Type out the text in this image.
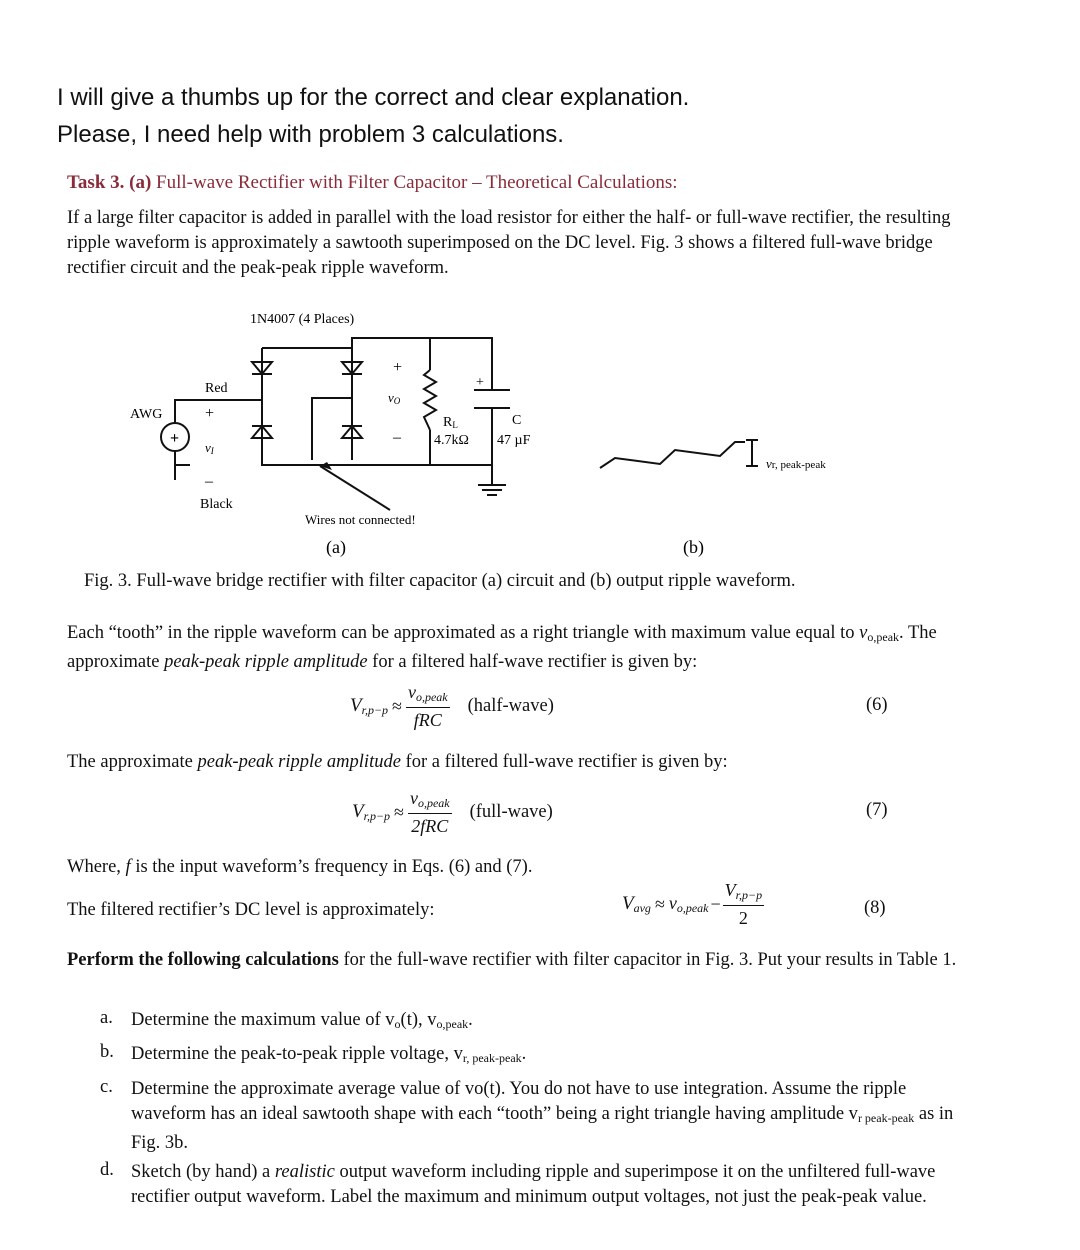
I will give a thumbs up for the correct and clear explanation.
Please, I need help with problem 3 calculations.
Task 3. (a) Full-wave Rectifier with Filter Capacitor – Theoretical Calculations:
If a large filter capacitor is added in parallel with the load resistor for either the half- or full-wave rectifier, the resulting ripple waveform is approximately a sawtooth superimposed on the DC level. Fig. 3 shows a filtered full-wave bridge rectifier circuit and the peak-peak ripple waveform.
1N4007 (4 Places)
AWG
Red
+
+
vI
–
Black
+
vO
–
RL
4.7kΩ
+
C
47 µF
Wires not connected!
vr, peak-peak
(a)	(b)
Fig. 3. Full-wave bridge rectifier with filter capacitor (a) circuit and (b) output ripple waveform.
Each “tooth” in the ripple waveform can be approximated as a right triangle with maximum value equal to $v_{o,peak}$. The approximate peak-peak ripple amplitude for a filtered half-wave rectifier is given by:
$V_{r,p-p} \approx \frac{v_{o,peak}}{\text{fRC}}$ (half-wave)	(6)
The approximate peak-peak ripple amplitude for a filtered full-wave rectifier is given by:
$V_{r,p-p} \approx \frac{v_{o,peak}}{\text{2fRC}}$ (full-wave)	(7)
Where, f is the input waveform’s frequency in Eqs. (6) and (7).
The filtered rectifier’s DC level is approximately:	$V_{avg} \approx v_{o,peak} - \frac{V_{r,p-p}}{2}$	(8)
Perform the following calculations for the full-wave rectifier with filter capacitor in Fig. 3. Put your results in Table 1.
a. Determine the maximum value of $v_o(t)$, $v_{o,peak}$.
b. Determine the peak-to-peak ripple voltage, $v_{r, peak-peak}$.
c. Determine the approximate average value of vo(t). You do not have to use integration. Assume the ripple waveform has an ideal sawtooth shape with each “tooth” being a right triangle having amplitude $v_{r peak-peak}$ as in Fig. 3b.
d. Sketch (by hand) a realistic output waveform including ripple and superimpose it on the unfiltered full-wave rectifier output waveform. Label the maximum and minimum output voltages, not just the peak-peak value.
